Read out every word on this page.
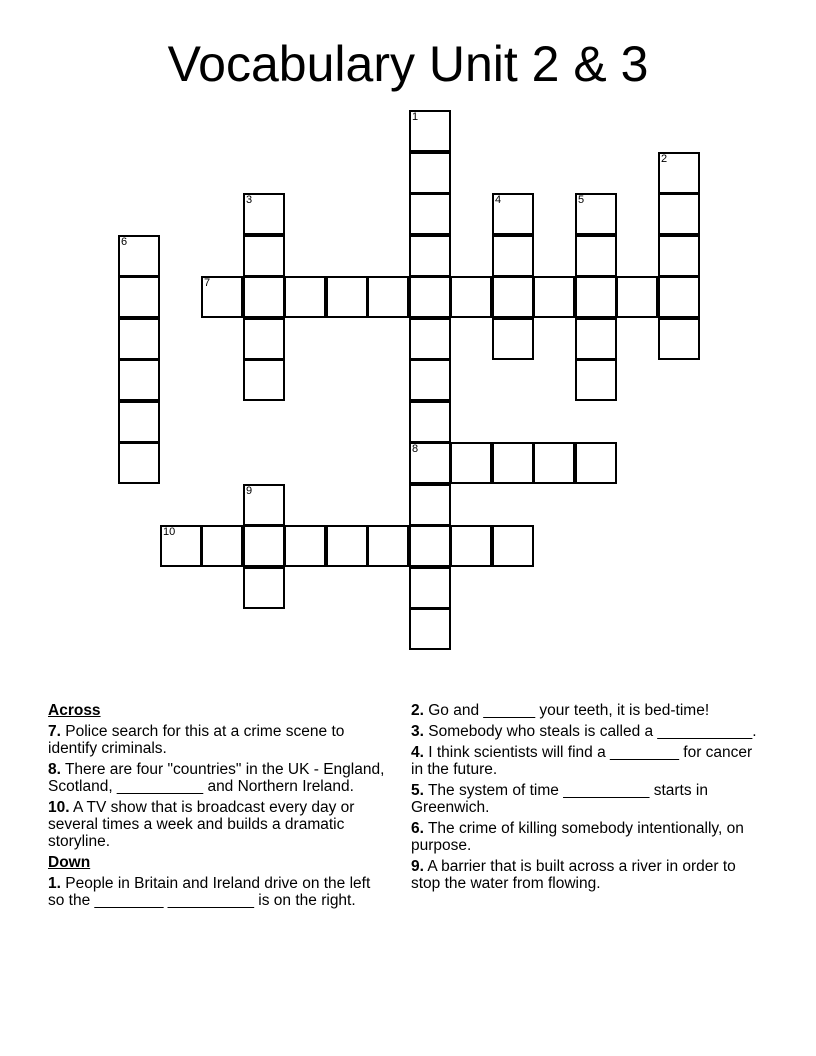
Vocabulary Unit 2 & 3
1
8
2
3	4	5
6
7
9
10
Across
7. Police search for this at a crime scene to identify criminals.
8. There are four "countries" in the UK - England, Scotland, __________ and Northern Ireland.
10. A TV show that is broadcast every day or several times a week and builds a dramatic storyline.
Down
1. People in Britain and Ireland drive on the left so the ________ __________ is on the right.
2. Go and ______ your teeth, it is bed-time!
3. Somebody who steals is called a ___________.
4. I think scientists will find a ________ for cancer in the future.
5. The system of time __________ starts in Greenwich.
6. The crime of killing somebody intentionally, on purpose.
9. A barrier that is built across a river in order to stop the water from flowing.
